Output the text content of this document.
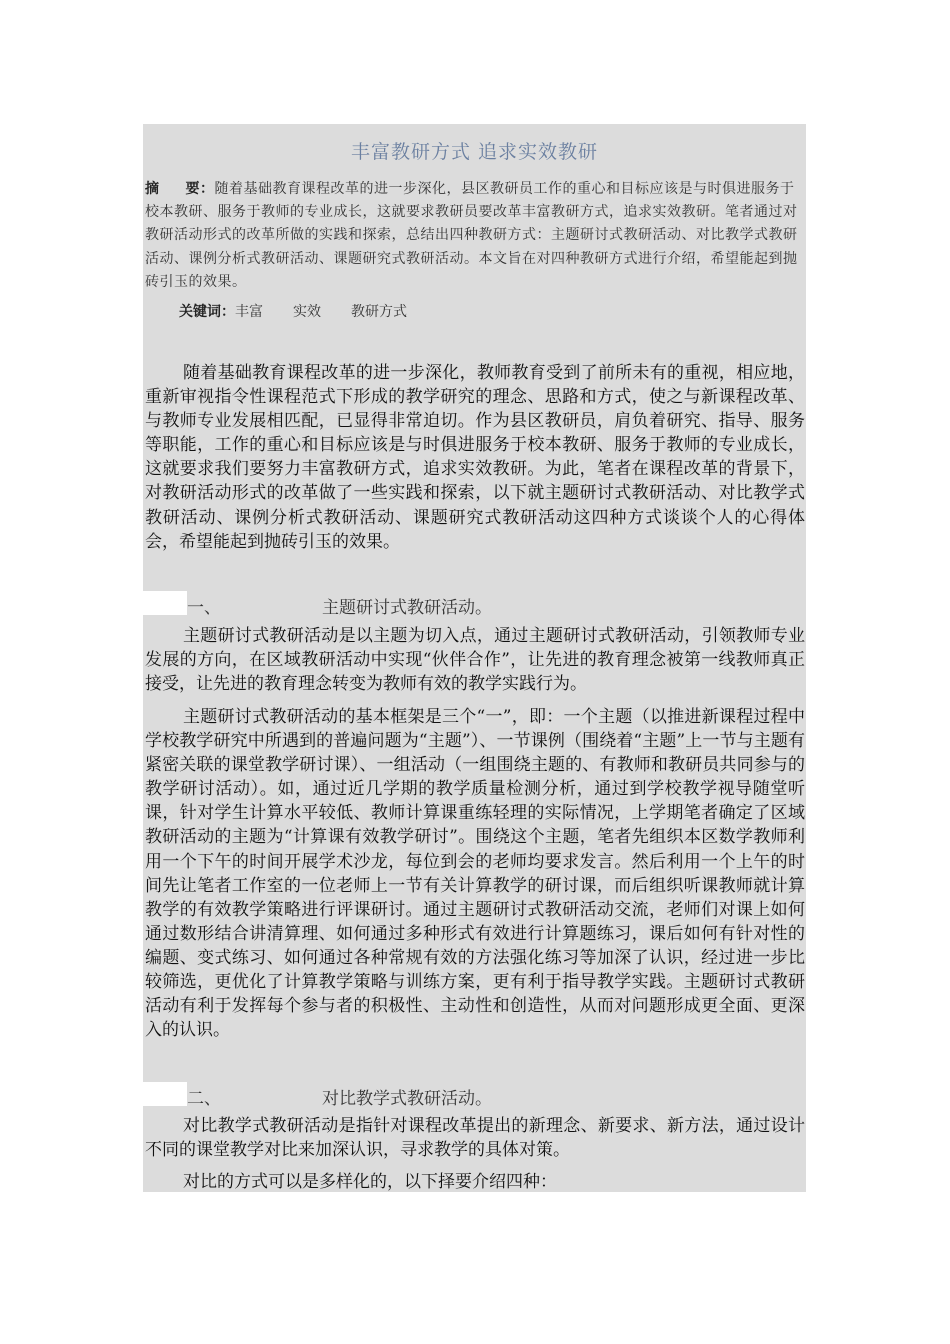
丰富教研方式 追求实效教研

摘 要：随着基础教育课程改革的进一步深化，县区教研员工作的重心和目标应该是与时俱进服务于校本教研、服务于教师的专业成长，这就要求教研员要改革丰富教研方式，追求实效教研。笔者通过对教研活动形式的改革所做的实践和探索，总结出四种教研方式：主题研讨式教研活动、对比教学式教研活动、课例分析式教研活动、课题研究式教研活动。本文旨在对四种教研方式进行介绍，希望能起到抛砖引玉的效果。

关键词：丰富 实效 教研方式

随着基础教育课程改革的进一步深化，教师教育受到了前所未有的重视，相应地，重新审视指令性课程范式下形成的教学研究的理念、思路和方式，使之与新课程改革、与教师专业发展相匹配，已显得非常迫切。作为县区教研员，肩负着研究、指导、服务等职能，工作的重心和目标应该是与时俱进服务于校本教研、服务于教师的专业成长，这就要求我们要努力丰富教研方式，追求实效教研。为此，笔者在课程改革的背景下，对教研活动形式的改革做了一些实践和探索，以下就主题研讨式教研活动、对比教学式教研活动、课例分析式教研活动、课题研究式教研活动这四种方式谈谈个人的心得体会，希望能起到抛砖引玉的效果。

一、	主题研讨式教研活动。

主题研讨式教研活动是以主题为切入点，通过主题研讨式教研活动，引领教师专业发展的方向，在区域教研活动中实现“伙伴合作”，让先进的教育理念被第一线教师真正接受，让先进的教育理念转变为教师有效的教学实践行为。

主题研讨式教研活动的基本框架是三个“一”，即：一个主题（以推进新课程过程中学校教学研究中所遇到的普遍问题为“主题”）、一节课例（围绕着“主题”上一节与主题有紧密关联的课堂教学研讨课）、一组活动（一组围绕主题的、有教师和教研员共同参与的教学研讨活动）。如，通过近几学期的教学质量检测分析，通过到学校教学视导随堂听课，针对学生计算水平较低、教师计算课重练轻理的实际情况，上学期笔者确定了区域教研活动的主题为“计算课有效教学研讨”。围绕这个主题，笔者先组织本区数学教师利用一个下午的时间开展学术沙龙，每位到会的老师均要求发言。然后利用一个上午的时间先让笔者工作室的一位老师上一节有关计算教学的研讨课，而后组织听课教师就计算教学的有效教学策略进行评课研讨。通过主题研讨式教研活动交流，老师们对课上如何通过数形结合讲清算理、如何通过多种形式有效进行计算题练习，课后如何有针对性的编题、变式练习、如何通过各种常规有效的方法强化练习等加深了认识，经过进一步比较筛选，更优化了计算教学策略与训练方案，更有利于指导教学实践。主题研讨式教研活动有利于发挥每个参与者的积极性、主动性和创造性，从而对问题形成更全面、更深入的认识。

二、	对比教学式教研活动。

对比教学式教研活动是指针对课程改革提出的新理念、新要求、新方法，通过设计不同的课堂教学对比来加深认识，寻求教学的具体对策。

对比的方式可以是多样化的，以下择要介绍四种：
